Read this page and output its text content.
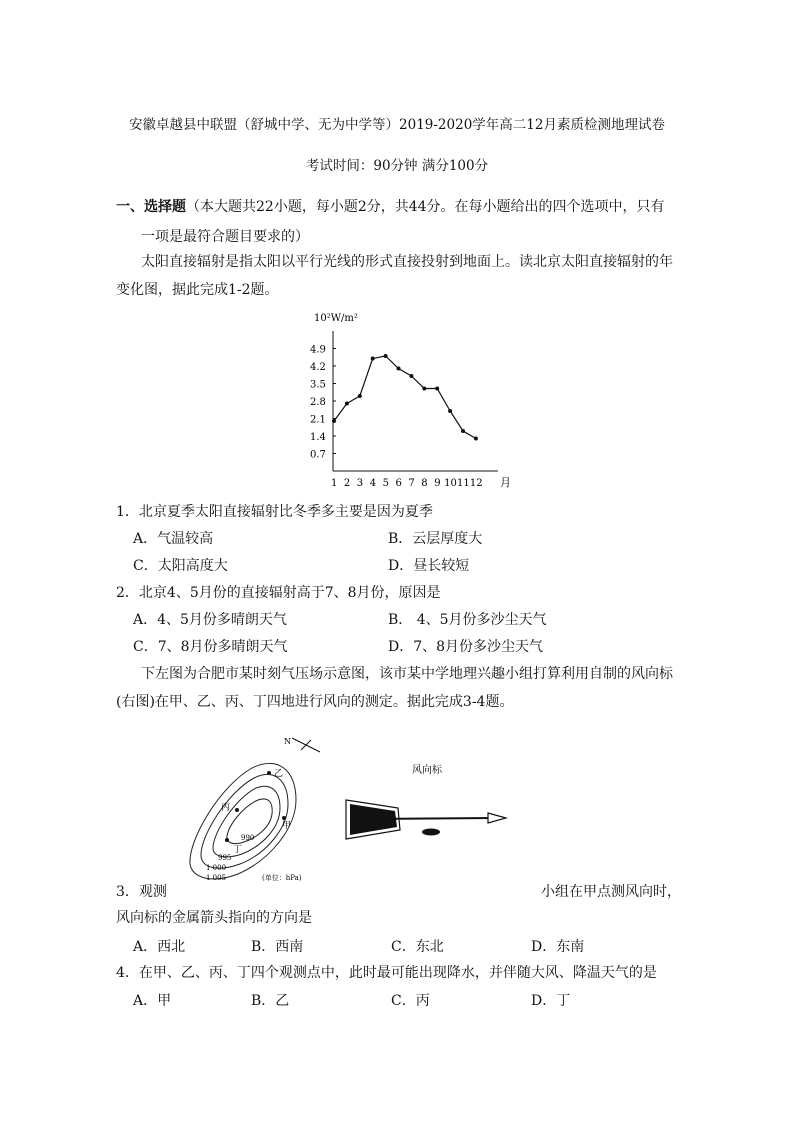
安徽卓越县中联盟（舒城中学、无为中学等）2019-2020学年高二12月素质检测地理试卷
考试时间：90分钟 满分100分
一、选择题（本大题共22小题，每小题2分，共44分。在每小题给出的四个选项中，只有
一项是最符合题目要求的）
太阳直接辐射是指太阳以平行光线的形式直接投射到地面上。读北京太阳直接辐射的年
变化图，据此完成1-2题。
10²W/m²
4.9
4.2
3.5
2.8
2.1
1.4
0.7
1 2 3 4 5 6 7 8 9 10 11 12 月
1．北京夏季太阳直接辐射比冬季多主要是因为夏季
A．气温较高	B．云层厚度大
C．太阳高度大	D．昼长较短
2．北京4、5月份的直接辐射高于7、8月份，原因是
A．4、5月份多晴朗天气	B． 4、5月份多沙尘天气
C．7、8月份多晴朗天气	D．7、8月份多沙尘天气
下左图为合肥市某时刻气压场示意图，该市某中学地理兴趣小组打算利用自制的风向标
(右图)在甲、乙、丙、丁四地进行风向的测定。据此完成3-4题。
N
乙
丙
甲
丁
990
995
1 000
1 005	(单位：hPa)
风向标
3．观测	小组在甲点测风向时，
风向标的金属箭头指向的方向是
A．西北	B．西南	C．东北	D．东南
4．在甲、乙、丙、丁四个观测点中，此时最可能出现降水，并伴随大风、降温天气的是
A．甲	B．乙	C．丙	D．丁
